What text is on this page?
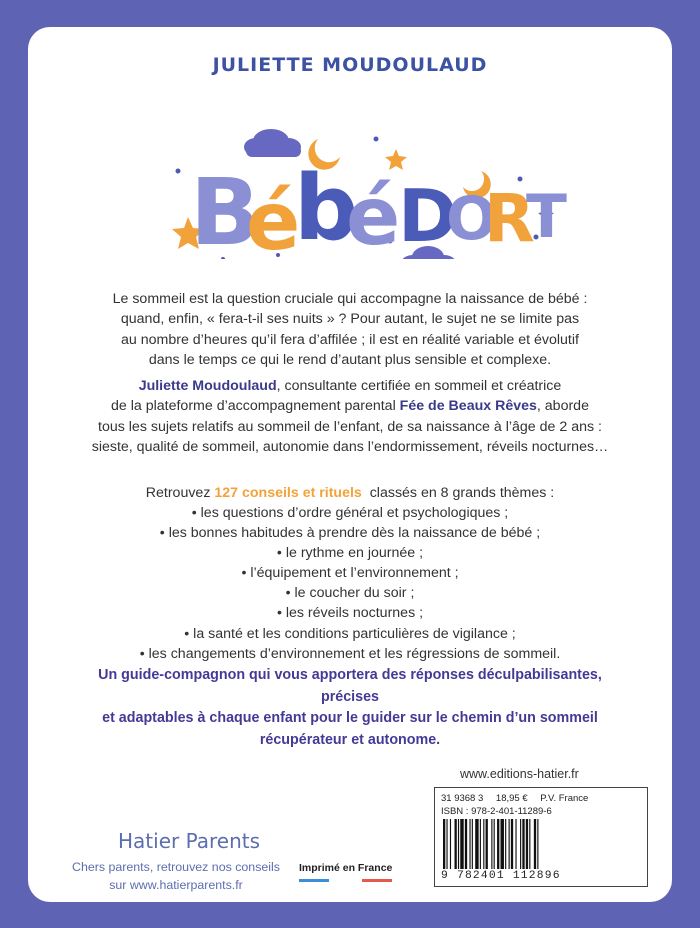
JULIETTE MOUDOULAUD
B
é
b
é
D
O
R
T

Le sommeil est la question cruciale qui accompagne la naissance de bébé :
quand, enfin, « fera-t-il ses nuits » ? Pour autant, le sujet ne se limite pas
au nombre d’heures qu’il fera d’affilée ; il est en réalité variable et évolutif
dans le temps ce qui le rend d’autant plus sensible et complexe.

Juliette Moudoulaud, consultante certifiée en sommeil et créatrice
de la plateforme d’accompagnement parental Fée de Beaux Rêves, aborde
tous les sujets relatifs au sommeil de l’enfant, de sa naissance à l’âge de 2 ans :
sieste, qualité de sommeil, autonomie dans l’endormissement, réveils nocturnes…

Retrouvez 127 conseils et rituels  classés en 8 grands thèmes :

• les questions d’ordre général et psychologiques ;
• les bonnes habitudes à prendre dès la naissance de bébé ;
• le rythme en journée ;
• l’équipement et l’environnement ;
• le coucher du soir ;
• les réveils nocturnes ;
• la santé et les conditions particulières de vigilance ;
• les changements d’environnement et les régressions de sommeil.

Un guide-compagnon qui vous apportera des réponses déculpabilisantes, précises
et adaptables à chaque enfant pour le guider sur le chemin d’un sommeil
récupérateur et autonome.

www.editions-hatier.fr
31 9368 3 18,95 € P.V. France
ISBN : 978-2-401-11289-6
9 782401 112896
Hatier Parents
Chers parents, retrouvez nos conseils
sur www.hatierparents.fr
Imprimé en France
